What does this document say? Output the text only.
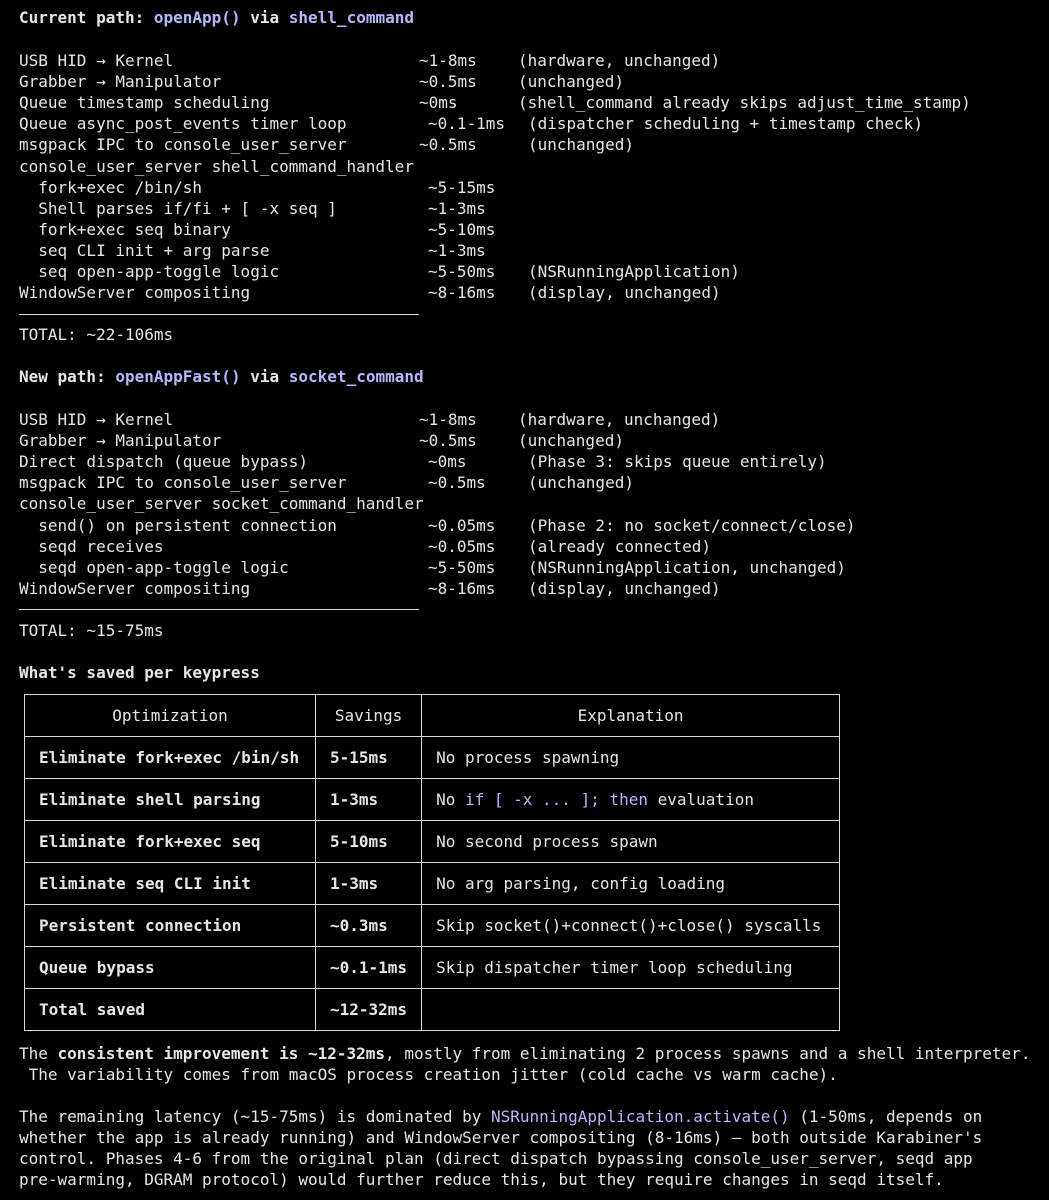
Current path: openApp() via shell_command
USB HID → Kernel	~1-8ms	(hardware, unchanged)
Grabber → Manipulator	~0.5ms	(unchanged)
Queue timestamp scheduling	~0ms	(shell_command already skips adjust_time_stamp)
Queue async_post_events timer loop	~0.1-1ms (dispatcher scheduling + timestamp check)
msgpack IPC to console_user_server	~0.5ms	(unchanged)
console_user_server shell_command_handler
fork+exec /bin/sh	~5-15ms
Shell parses if/fi + [ -x seq ]	~1-3ms
fork+exec seq binary	~5-10ms
seq CLI init + arg parse	~1-3ms
seq open-app-toggle logic	~5-50ms (NSRunningApplication)
WindowServer compositing	~8-16ms (display, unchanged)
TOTAL: ~22-106ms
New path: openAppFast() via socket_command
USB HID → Kernel	~1-8ms	(hardware, unchanged)
Grabber → Manipulator	~0.5ms	(unchanged)
Direct dispatch (queue bypass)	~0ms	(Phase 3: skips queue entirely)
msgpack IPC to console_user_server	~0.5ms	(unchanged)
console_user_server socket_command_handler
send() on persistent connection	~0.05ms (Phase 2: no socket/connect/close)
seqd receives	~0.05ms (already connected)
seqd open-app-toggle logic	~5-50ms (NSRunningApplication, unchanged)
WindowServer compositing	~8-16ms (display, unchanged)
TOTAL: ~15-75ms
What's saved per keypress
Optimization	Savings	Explanation
Eliminate fork+exec /bin/sh	5-15ms	No process spawning
Eliminate shell parsing	1-3ms	No if [ -x ... ]; then evaluation
Eliminate fork+exec seq	5-10ms	No second process spawn
Eliminate seq CLI init	1-3ms	No arg parsing, config loading
Persistent connection	~0.3ms	Skip socket()+connect()+close() syscalls
Queue bypass	~0.1-1ms	Skip dispatcher timer loop scheduling
Total saved	~12-32ms	
The consistent improvement is ~12-32ms, mostly from eliminating 2 process spawns and a shell interpreter.
The variability comes from macOS process creation jitter (cold cache vs warm cache).
The remaining latency (~15-75ms) is dominated by NSRunningApplication.activate() (1-50ms, depends on
whether the app is already running) and WindowServer compositing (8-16ms) — both outside Karabiner's
control. Phases 4-6 from the original plan (direct dispatch bypassing console_user_server, seqd app
pre-warming, DGRAM protocol) would further reduce this, but they require changes in seqd itself.
